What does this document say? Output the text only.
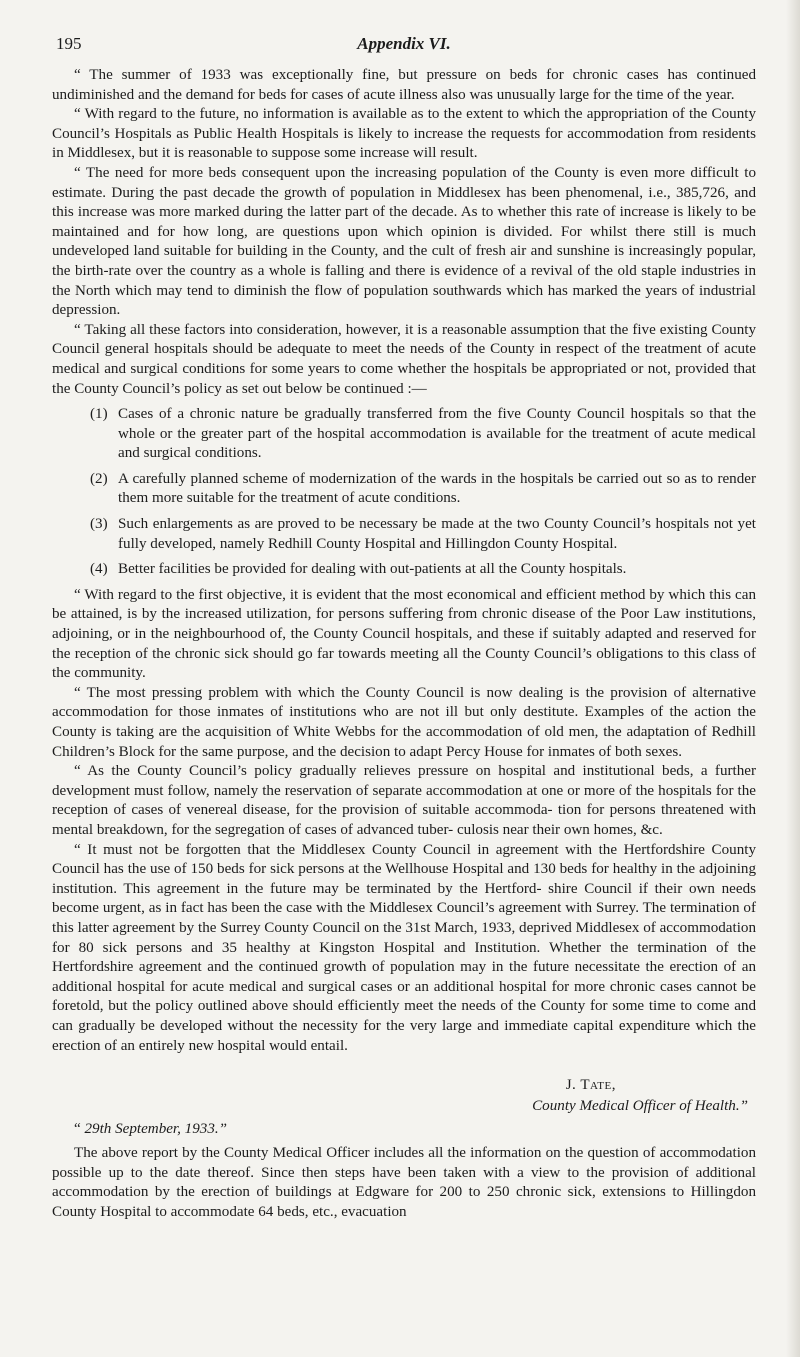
195	Appendix VI.

“ The summer of 1933 was exceptionally fine, but pressure on beds for chronic cases has continued undiminished and the demand for beds for cases of acute illness also was unusually large for the time of the year.

“ With regard to the future, no information is available as to the extent to which the appropriation of the County Council’s Hospitals as Public Health Hospitals is likely to increase the requests for accommodation from residents in Middlesex, but it is reasonable to suppose some increase will result.

“ The need for more beds consequent upon the increasing population of the County is even more difficult to estimate. During the past decade the growth of population in Middlesex has been phenomenal, i.e., 385,726, and this increase was more marked during the latter part of the decade. As to whether this rate of increase is likely to be maintained and for how long, are questions upon which opinion is divided. For whilst there still is much undeveloped land suitable for building in the County, and the cult of fresh air and sunshine is increasingly popular, the birth-rate over the country as a whole is falling and there is evidence of a revival of the old staple industries in the North which may tend to diminish the flow of population southwards which has marked the years of industrial depression.

“ Taking all these factors into consideration, however, it is a reasonable assumption that the five existing County Council general hospitals should be adequate to meet the needs of the County in respect of the treatment of acute medical and surgical conditions for some years to come whether the hospitals be appropriated or not, provided that the County Council’s policy as set out below be continued :—

(1) Cases of a chronic nature be gradually transferred from the five County Council hospitals so that the whole or the greater part of the hospital accommodation is available for the treatment of acute medical and surgical conditions.
(2) A carefully planned scheme of modernization of the wards in the hospitals be carried out so as to render them more suitable for the treatment of acute conditions.
(3) Such enlargements as are proved to be necessary be made at the two County Council’s hospitals not yet fully developed, namely Redhill County Hospital and Hillingdon County Hospital.
(4) Better facilities be provided for dealing with out-patients at all the County hospitals.

“ With regard to the first objective, it is evident that the most economical and efficient method by which this can be attained, is by the increased utilization, for persons suffering from chronic disease of the Poor Law institutions, adjoining, or in the neighbourhood of, the County Council hospitals, and these if suitably adapted and reserved for the reception of the chronic sick should go far towards meeting all the County Council’s obligations to this class of the community.

“ The most pressing problem with which the County Council is now dealing is the provision of alternative accommodation for those inmates of institutions who are not ill but only destitute. Examples of the action the County is taking are the acquisition of White Webbs for the accommodation of old men, the adaptation of Redhill Children’s Block for the same purpose, and the decision to adapt Percy House for inmates of both sexes.

“ As the County Council’s policy gradually relieves pressure on hospital and institutional beds, a further development must follow, namely the reservation of separate accommodation at one or more of the hospitals for the reception of cases of venereal disease, for the provision of suitable accommoda- tion for persons threatened with mental breakdown, for the segregation of cases of advanced tuber- culosis near their own homes, &c.

“ It must not be forgotten that the Middlesex County Council in agreement with the Hertfordshire County Council has the use of 150 beds for sick persons at the Wellhouse Hospital and 130 beds for healthy in the adjoining institution. This agreement in the future may be terminated by the Hertford- shire Council if their own needs become urgent, as in fact has been the case with the Middlesex Council’s agreement with Surrey. The termination of this latter agreement by the Surrey County Council on the 31st March, 1933, deprived Middlesex of accommodation for 80 sick persons and 35 healthy at Kingston Hospital and Institution. Whether the termination of the Hertfordshire agreement and the continued growth of population may in the future necessitate the erection of an additional hospital for acute medical and surgical cases or an additional hospital for more chronic cases cannot be foretold, but the policy outlined above should efficiently meet the needs of the County for some time to come and can gradually be developed without the necessity for the very large and immediate capital expenditure which the erection of an entirely new hospital would entail.

J. Tate,
County Medical Officer of Health.”
“ 29th September, 1933.”

The above report by the County Medical Officer includes all the information on the question of accommodation possible up to the date thereof. Since then steps have been taken with a view to the provision of additional accommodation by the erection of buildings at Edgware for 200 to 250 chronic sick, extensions to Hillingdon County Hospital to accommodate 64 beds, etc., evacuation
